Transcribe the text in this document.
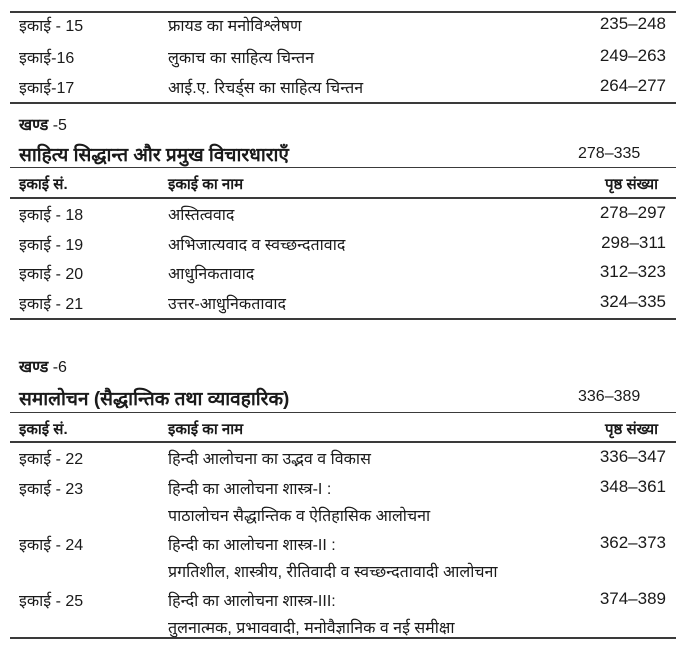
इकाई - 15	फ्रायड का मनोविश्लेषण	235–248
इकाई-16	लुकाच का साहित्य चिन्तन	249–263
इकाई-17	आई.ए. रिचर्ड्स का साहित्य चिन्तन	264–277
खण्ड -5
साहित्य सिद्धान्त और प्रमुख विचारधाराएँ	278–335
इकाई सं.	इकाई का नाम	पृष्ठ संख्या
इकाई - 18	अस्तित्ववाद	278–297
इकाई - 19	अभिजात्यवाद व स्वच्छन्दतावाद	298–311
इकाई - 20	आधुनिकतावाद	312–323
इकाई - 21	उत्तर-आधुनिकतावाद	324–335
खण्ड -6
समालोचन (सैद्धान्तिक तथा व्यावहारिक)	336–389
इकाई सं.	इकाई का नाम	पृष्ठ संख्या
इकाई - 22	हिन्दी आलोचना का उद्भव व विकास	336–347
इकाई - 23	हिन्दी का आलोचना शास्त्र-I :	348–361
पाठालोचन सैद्धान्तिक व ऐतिहासिक आलोचना
इकाई - 24	हिन्दी का आलोचना शास्त्र-II :	362–373
प्रगतिशील, शास्त्रीय, रीतिवादी व स्वच्छन्दतावादी आलोचना
इकाई - 25	हिन्दी का आलोचना शास्त्र-III:	374–389
तुलनात्मक, प्रभाववादी, मनोवैज्ञानिक व नई समीक्षा
